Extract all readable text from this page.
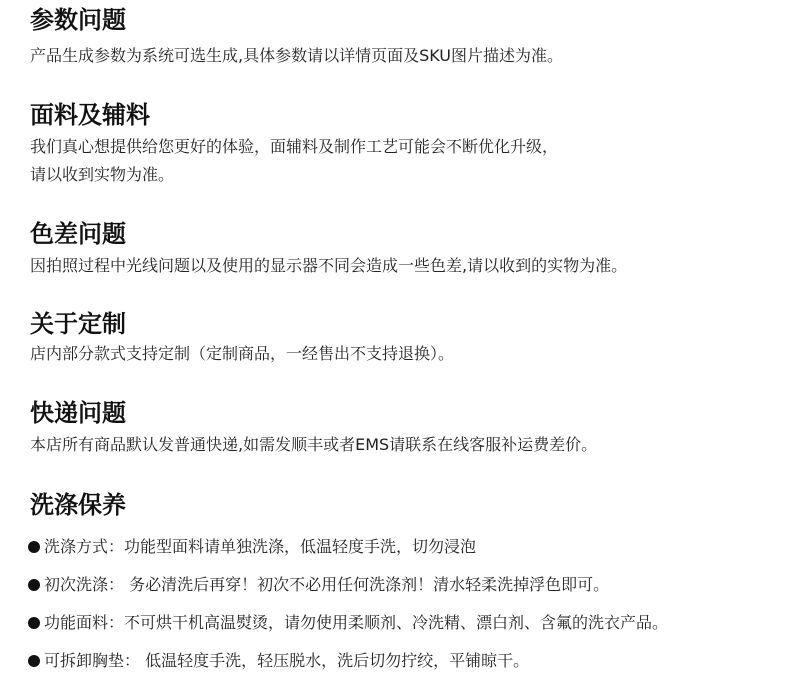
参数问题

产品生成参数为系统可选生成,具体参数请以详情页面及SKU图片描述为准。

面料及辅料

我们真心想提供给您更好的体验，面辅料及制作工艺可能会不断优化升级，

请以收到实物为准。

色差问题

因拍照过程中光线问题以及使用的显示器不同会造成一些色差,请以收到的实物为准。

关于定制

店内部分款式支持定制（定制商品，一经售出不支持退换）。

快递问题

本店所有商品默认发普通快递,如需发顺丰或者EMS请联系在线客服补运费差价。

洗涤保养
洗涤方式：功能型面料请单独洗涤，低温轻度手洗，切勿浸泡
初次洗涤： 务必清洗后再穿！初次不必用任何洗涤剂！清水轻柔洗掉浮色即可。
功能面料：不可烘干机高温熨烫，请勿使用柔顺剂、冷洗精、漂白剂、含氟的洗衣产品。
可拆卸胸垫： 低温轻度手洗，轻压脱水，洗后切勿拧绞，平铺晾干。
